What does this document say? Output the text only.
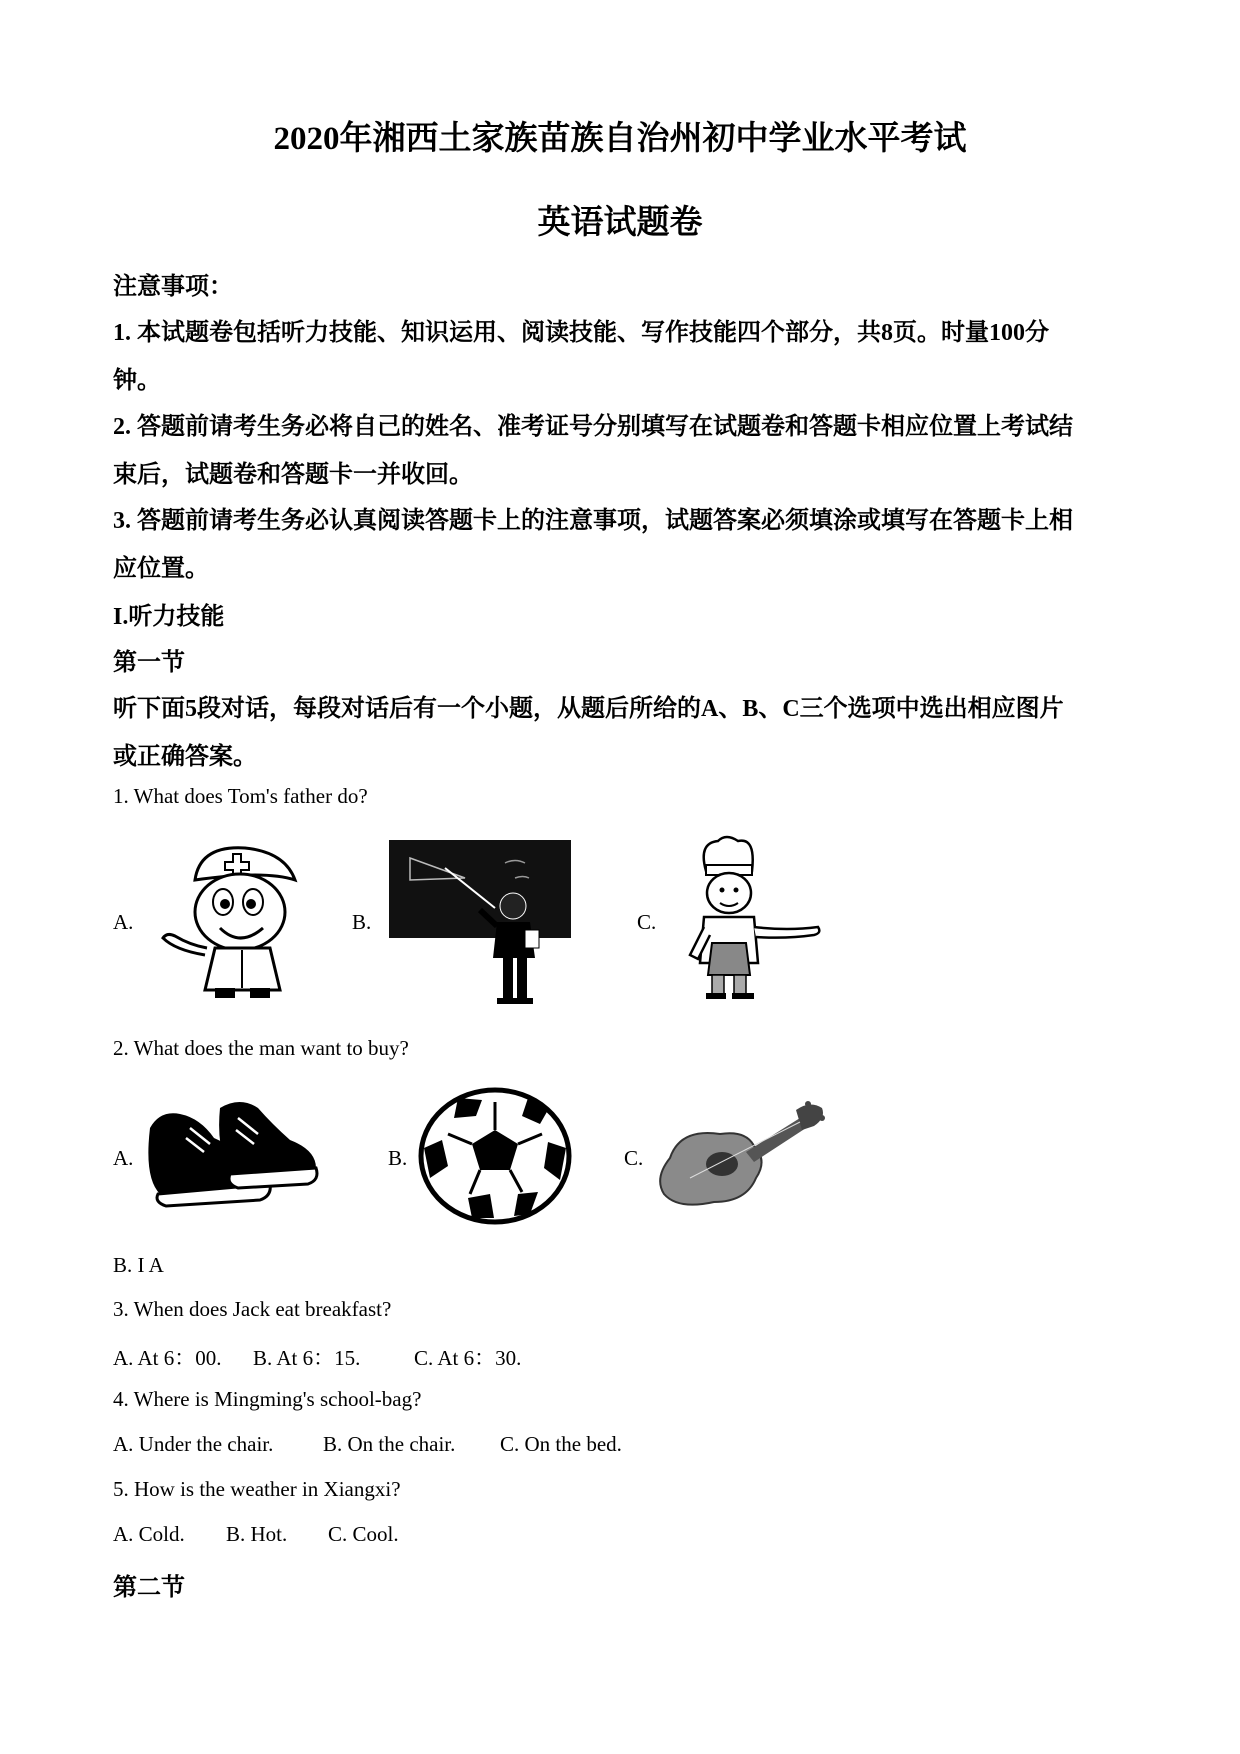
2020年湘西土家族苗族自治州初中学业水平考试
英语试题卷
注意事项：
1. 本试题卷包括听力技能、知识运用、阅读技能、写作技能四个部分，共8页。时量100分
钟。
2. 答题前请考生务必将自己的姓名、准考证号分别填写在试题卷和答题卡相应位置上考试结
束后，试题卷和答题卡一并收回。
3. 答题前请考生务必认真阅读答题卡上的注意事项，试题答案必须填涂或填写在答题卡上相
应位置。
I.听力技能
第一节
听下面5段对话，每段对话后有一个小题，从题后所给的A、B、C三个选项中选出相应图片
或正确答案。
1. What does Tom's father do?
A.	B.	C.
2. What does the man want to buy?
A.	B.	C.
B. I A
3. When does Jack eat breakfast?
A. At 6：00. B. At 6：15.	C. At 6：30.
4. Where is Mingming's school-bag?
A. Under the chair. B. On the chair. C. On the bed.
5. How is the weather in Xiangxi?
A. Cold. B. Hot. C. Cool.
第二节
